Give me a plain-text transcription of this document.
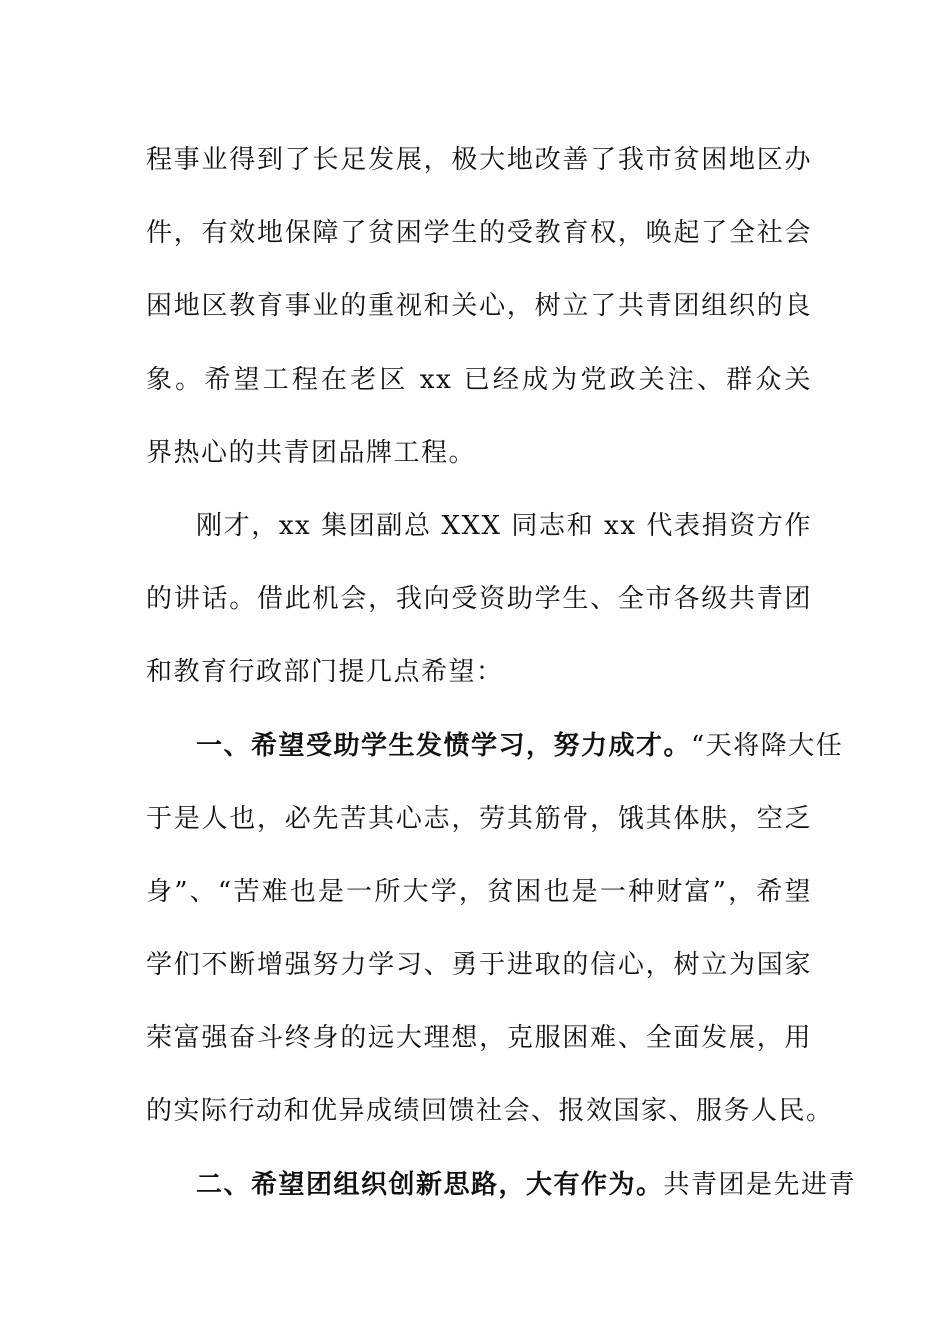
程事业得到了长足发展，极大地改善了我市贫困地区办
件，有效地保障了贫困学生的受教育权，唤起了全社会
困地区教育事业的重视和关心，树立了共青团组织的良
象。希望工程在老区 xx 已经成为党政关注、群众关
界热心的共青团品牌工程。
刚才，xx 集团副总 XXX 同志和 xx 代表捐资方作
的讲话。借此机会，我向受资助学生、全市各级共青团
和教育行政部门提几点希望：
一、希望受助学生发愤学习，努力成才。“天将降大任
于是人也，必先苦其心志，劳其筋骨，饿其体肤，空乏
身”、“苦难也是一所大学，贫困也是一种财富”，希望
学们不断增强努力学习、勇于进取的信心，树立为国家
荣富强奋斗终身的远大理想，克服困难、全面发展，用
的实际行动和优异成绩回馈社会、报效国家、服务人民。
二、希望团组织创新思路，大有作为。共青团是先进青
